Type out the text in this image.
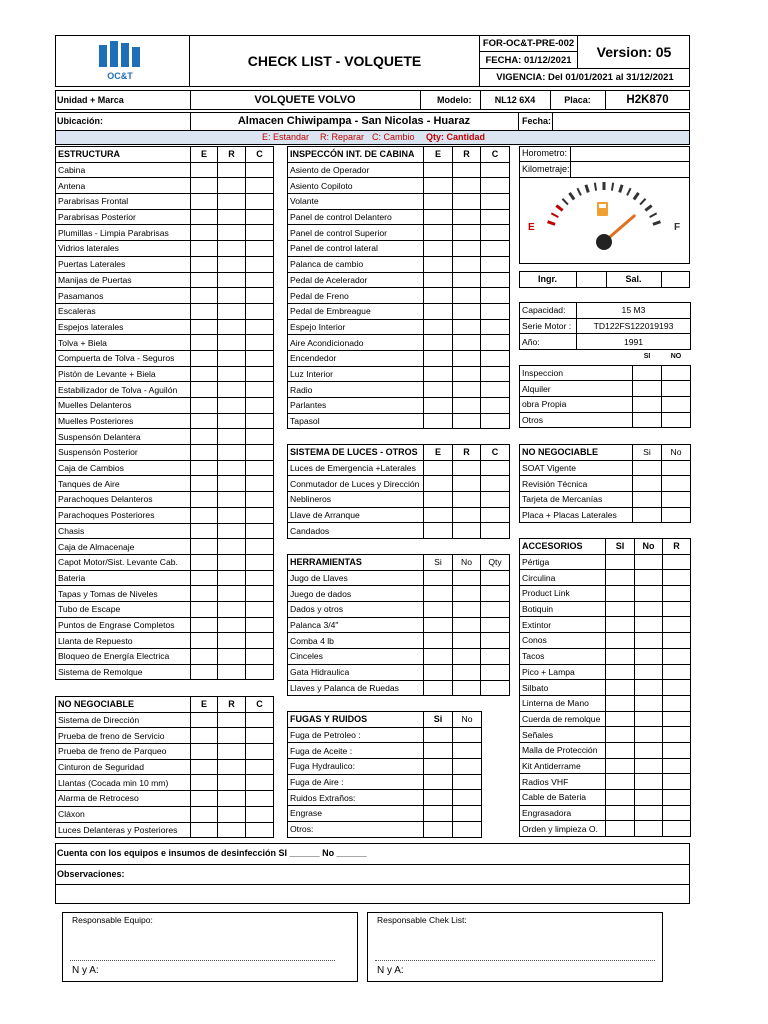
OC&T
CHECK LIST - VOLQUETE
FOR-OC&T-PRE-002
FECHA: 01/12/2021
Version: 05
VIGENCIA: Del 01/01/2021 al 31/12/2021
Unidad + Marca	VOLQUETE VOLVO	Modelo:	NL12 6X4	Placa:	H2K870
Ubicación:	Almacen Chiwipampa - San Nicolas - Huaraz	Fecha:
E: Estandar R: Reparar C: Cambio Qty: Cantidad
ESTRUCTURA	E	R	C
Cabina			
Antena			
Parabrisas Frontal			
Parabrisas Posterior			
Plumillas - Limpia Parabrisas			
Vidrios laterales			
Puertas Laterales			
Manijas de Puertas			
Pasamanos			
Escaleras			
Espejos laterales			
Tolva + Biela			
Compuerta de Tolva - Seguros			
Pistón de Levante + Biela			
Estabilizador de Tolva - Aguilón			
Muelles Delanteros			
Muelles Posteriores			
Suspensón Delantera			
Suspensón Posterior			
Caja de Cambios			
Tanques de Aire			
Parachoques Delanteros			
Parachoques Posteriores			
Chasis			
Caja de Almacenaje			
Capot Motor/Sist. Levante Cab.			
Bateria			
Tapas y Tomas de Niveles			
Tubo de Escape			
Puntos de Engrase Completos			
Llanta de Repuesto			
Bloqueo de Energía Electrica			
Sistema de Remolque			
NO NEGOCIABLE	E	R	C
Sistema de Dirección			
Prueba de freno de Servicio			
Prueba de freno de Parqueo			
Cinturon de Seguridad			
Llantas (Cocada min 10 mm)			
Alarma de Retroceso			
Cláxon			
Luces Delanteras y Posteriores			
INSPECCÓN INT. DE CABINA	E	R	C
Asiento de Operador			
Asiento Copiloto			
Volante			
Panel de control Delantero			
Panel de control Superior			
Panel de control lateral			
Palanca de cambio			
Pedal de Acelerador			
Pedal de Freno			
Pedal de Embreague			
Espejo Interior			
Aire Acondicionado			
Encendedor			
Luz Interior			
Radio			
Parlantes			
Tapasol			
SISTEMA DE LUCES - OTROS	E	R	C
Luces de Emergencia +Laterales			
Conmutador de Luces y Dirección			
Neblineros			
Llave de Arranque			
Candados			
HERRAMIENTAS	Si	No	Qty
Jugo de Llaves			
Juego de dados			
Dados y otros			
Palanca 3/4"			
Comba 4 lb			
Cinceles			
Gata Hidraulica			
Llaves y Palanca de Ruedas			
FUGAS Y RUIDOS	Si	No
Fuga de Petroleo :		
Fuga de Aceite :		
Fuga Hydraulico:		
Fuga de Aire :		
Ruidos Extraños:		
Engrase		
Otros:		
Horometro:
Kilometraje:
E	F
Ingr.	Sal.
Capacidad:	15 M3
Serie Motor :	TD122FS122019193
Año:	1991
	SI	NO
Inspeccion		
Alquiler		
obra Propia		
Otros		
NO NEGOCIABLE	Si	No
SOAT Vigente		
Revisión Técnica		
Tarjeta de Mercanías		
Placa + Placas Laterales		
ACCESORIOS	SI	No	R
Pértiga			
Circulina			
Product Link			
Botiquin			
Extintor			
Conos			
Tacos			
Pico + Lampa			
Silbato			
Linterna de Mano			
Cuerda de remolque			
Señales			
Malla de Protección			
Kit Antiderrame			
Radios VHF			
Cable de Bateria			
Engrasadora			
Orden y limpieza O.			
Cuenta con los equipos e insumos de desinfección SI ______ No ______
Observaciones:
Responsable Equipo:
N y A:
Responsable Chek List:
N y A:
